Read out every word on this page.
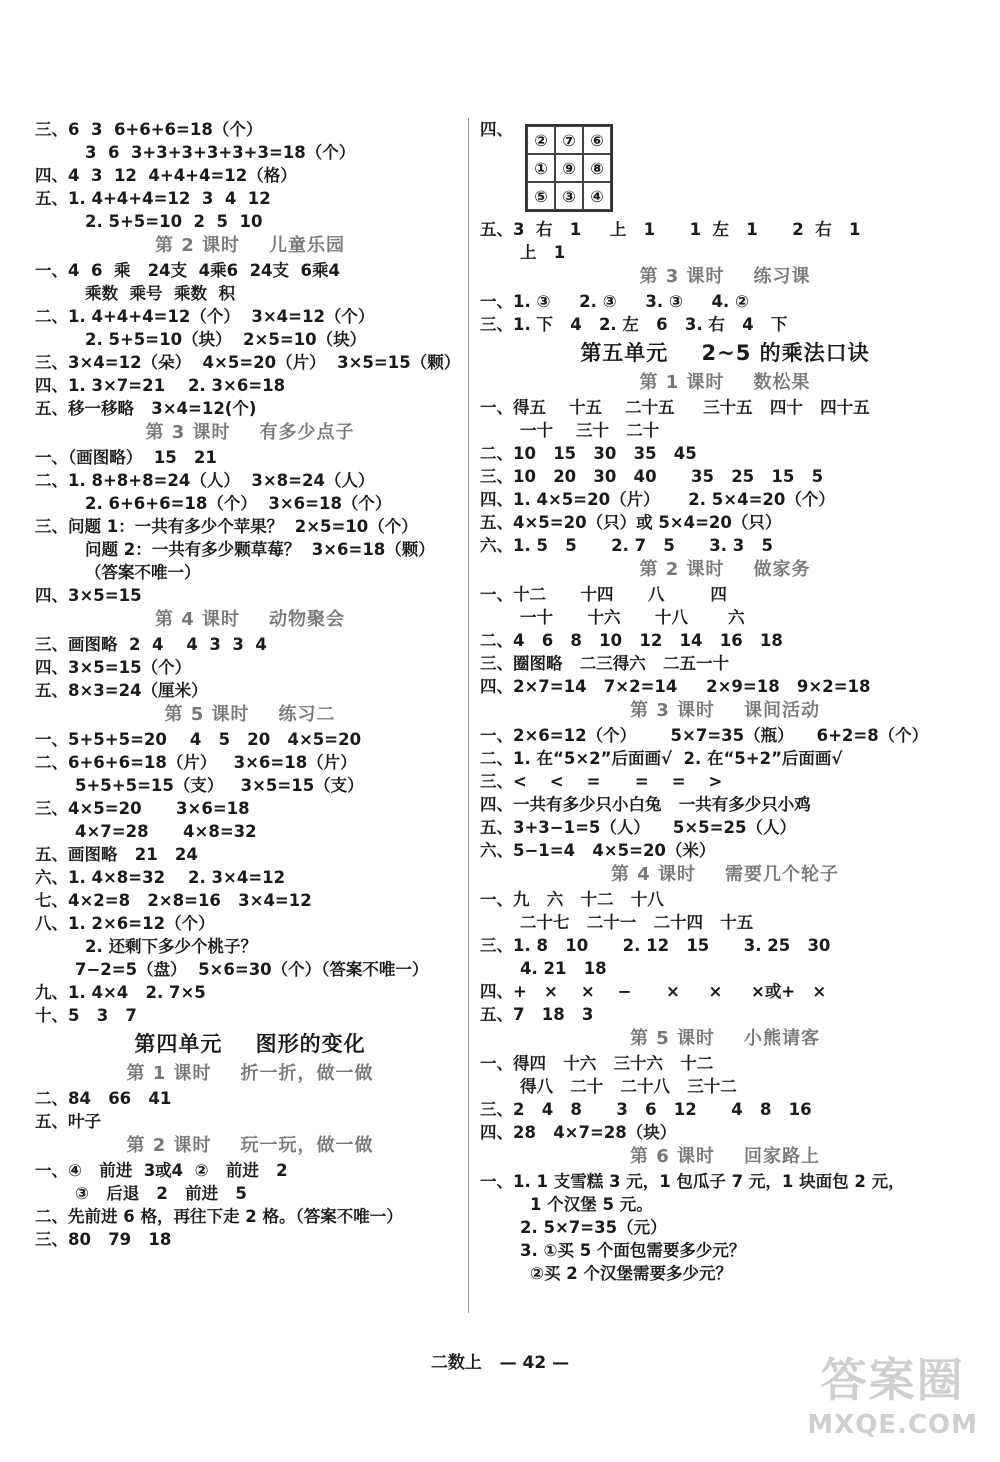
三、6  3  6+6+6=18（个）
3  6  3+3+3+3+3+3=18（个）
四、4  3  12  4+4+4=12（格）
五、1. 4+4+4=12  3  4  12
2. 5+5=10  2  5  10
第 2 课时    儿童乐园
一、4  6  乘   24支  4乘6  24支  6乘4
乘数  乘号  乘数  积
二、1. 4+4+4=12（个）  3×4=12（个）
2. 5+5=10（块）  2×5=10（块）
三、3×4=12（朵）  4×5=20（片）  3×5=15（颗）
四、1. 3×7=21    2. 3×6=18
五、移一移略   3×4=12(个)
第 3 课时    有多少点子
一、（画图略）  15   21
二、1. 8+8+8=24（人）  3×8=24（人）
2. 6+6+6=18（个）  3×6=18（个）
三、问题 1：一共有多少个苹果？  2×5=10（个）
问题 2：一共有多少颗草莓？  3×6=18（颗）
（答案不唯一）
四、3×5=15
第 4 课时    动物聚会
三、画图略  2  4    4  3  3  4
四、3×5=15（个）
五、8×3=24（厘米）
第 5 课时    练习二
一、5+5+5=20    4   5   20   4×5=20
二、6+6+6=18（片）   3×6=18（片）
5+5+5=15（支）   3×5=15（支）
三、4×5=20      3×6=18
4×7=28      4×8=32
五、画图略   21   24
六、1. 4×8=32    2. 3×4=12
七、4×2=8   2×8=16   3×4=12
八、1. 2×6=12（个）
2. 还剩下多少个桃子？
7−2=5（盘）  5×6=30（个）（答案不唯一）
九、1. 4×4   2. 7×5
十、5   3   7
第四单元    图形的变化
第 1 课时    折一折，做一做
二、84   66   41
五、叶子
第 2 课时    玩一玩，做一做
一、④   前进  3或4  ②   前进   2
③   后退   2   前进   5
二、先前进 6 格，再往下走 2 格。（答案不唯一）
三、80   79   18
四、
② ⑦ ⑥
① ⑨ ⑧
⑤ ③ ④
五、3  右   1     上   1      1  左   1      2  右   1
上   1
第 3 课时    练习课
一、1. ③     2. ③     3. ③     4. ②
三、1. 下   4   2. 左   6   3. 右   4   下
第五单元    2~5 的乘法口诀
第 1 课时    数松果
一、得五    十五    二十五     三十五   四十   四十五
一十    三十   二十
二、10   15   30   35   45
三、10   20   30   40      35   25   15   5
四、1. 4×5=20（片）     2. 5×4=20（个）
五、4×5=20（只）或 5×4=20（只）
六、1. 5   5      2. 7   5      3. 3   5
第 2 课时    做家务
一、十二      十四      八        四
一十      十六      十八       六
二、4   6   8   10   12   14   16   18
三、圈图略   二三得六   二五一十
四、2×7=14   7×2=14     2×9=18   9×2=18
第 3 课时    课间活动
一、2×6=12（个）      5×7=35（瓶）    6+2=8（个）
二、1. 在“5×2”后面画√  2. 在“5+2”后面画√
三、<    <    =      =    =    >
四、一共有多少只小白兔   一共有多少只小鸡
五、3+3−1=5（人）    5×5=25（人）
六、5−1=4   4×5=20（米）
第 4 课时    需要几个轮子
一、九   六   十二   十八
二十七   二十一   二十四   十五
三、1. 8   10      2. 12   15      3. 25   30
4. 21   18
四、+   ×    ×    −      ×     ×     ×或+   ×
五、7   18   3
第 5 课时    小熊请客
一、得四   十六   三十六   十二
得八   二十   二十八   三十二
三、2   4   8      3   6   12      4   8   16
四、28   4×7=28（块）
第 6 课时    回家路上
一、1. 1 支雪糕 3 元，1 包瓜子 7 元，1 块面包 2 元，
1 个汉堡 5 元。
2. 5×7=35（元）
3. ①买 5 个面包需要多少元？
②买 2 个汉堡需要多少元？
二数上   — 42 —	答案圈
MXQE.COM
